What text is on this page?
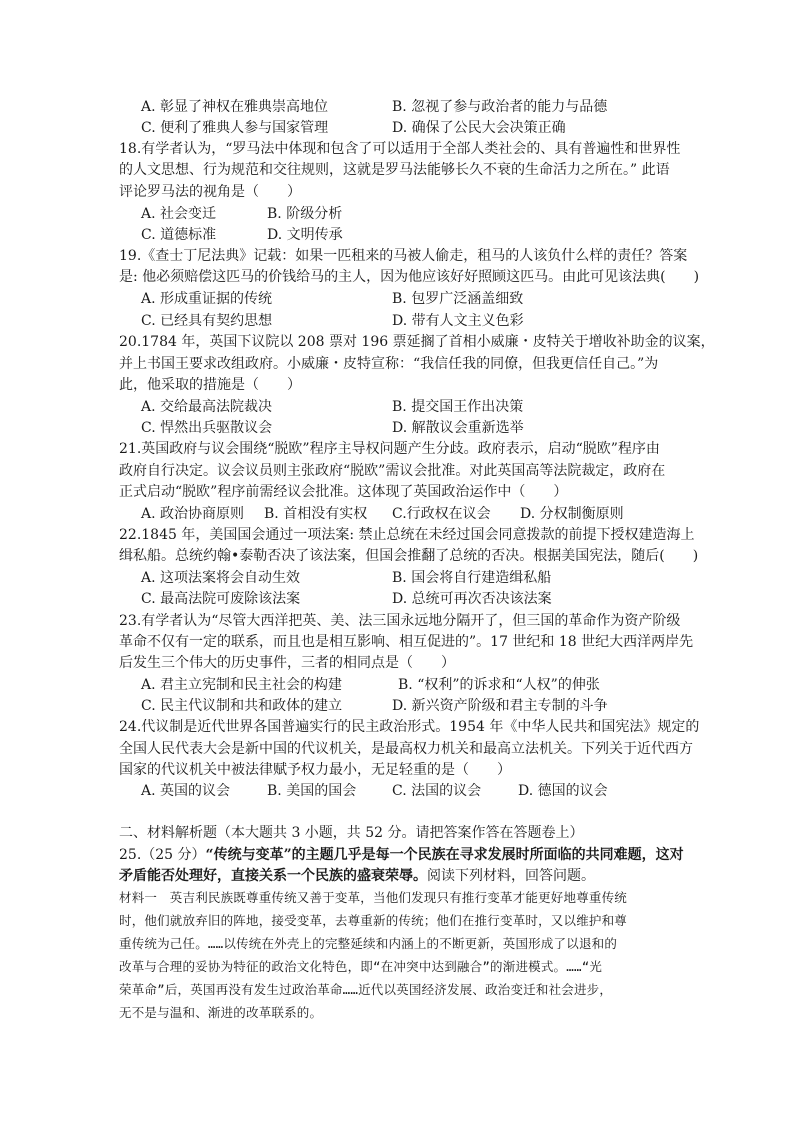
A. 彰显了神权在雅典崇高地位	B. 忽视了参与政治者的能力与品德
C. 便利了雅典人参与国家管理	D. 确保了公民大会决策正确
18.有学者认为，“罗马法中体现和包含了可以适用于全部人类社会的、具有普遍性和世界性
的人文思想、行为规范和交往规则，这就是罗马法能够长久不衰的生命活力之所在。” 此语
评论罗马法的视角是（　　）
A. 社会变迁	B. 阶级分析
C. 道德标准	D. 文明传承
19.《查士丁尼法典》记载：如果一匹租来的马被人偷走，租马的人该负什么样的责任？答案
是: 他必须赔偿这匹马的价钱给马的主人，因为他应该好好照顾这匹马。由此可见该法典(　　)
A. 形成重证据的传统	B. 包罗广泛涵盖细致
C. 已经具有契约思想	D. 带有人文主义色彩
20.1784 年，英国下议院以 208 票对 196 票延搁了首相小威廉・皮特关于增收补助金的议案，
并上书国王要求改组政府。小威廉・皮特宣称：“我信任我的同僚，但我更信任自己。”为
此，他采取的措施是（　　）
A. 交给最高法院裁决	B. 提交国王作出决策
C. 悍然出兵驱散议会	D. 解散议会重新选举
21.英国政府与议会围绕“脱欧”程序主导权问题产生分歧。政府表示，启动“脱欧”程序由
政府自行决定。议会议员则主张政府“脱欧”需议会批准。对此英国高等法院裁定，政府在
正式启动“脱欧”程序前需经议会批准。这体现了英国政治运作中（　　）
A. 政治协商原则 B. 首相没有实权 C.行政权在议会 D. 分权制衡原则
22.1845 年，美国国会通过一项法案: 禁止总统在未经过国会同意拨款的前提下授权建造海上
缉私船。总统约翰•泰勒否决了该法案，但国会推翻了总统的否决。根据美国宪法，随后(　　)
A. 这项法案将会自动生效	B. 国会将自行建造缉私船
C. 最高法院可废除该法案	D. 总统可再次否决该法案
23.有学者认为“尽管大西洋把英、美、法三国永远地分隔开了，但三国的革命作为资产阶级
革命不仅有一定的联系，而且也是相互影响、相互促进的”。17 世纪和 18 世纪大西洋两岸先
后发生三个伟大的历史事件，三者的相同点是（　　）
A. 君主立宪制和民主社会的构建	B. “权利”的诉求和“人权”的伸张
C. 民主代议制和共和政体的建立	D. 新兴资产阶级和君主专制的斗争
24.代议制是近代世界各国普遍实行的民主政治形式。1954 年《中华人民共和国宪法》规定的
全国人民代表大会是新中国的代议机关，是最高权力机关和最高立法机关。下列关于近代西方
国家的代议机关中被法律赋予权力最小，无足轻重的是（　　）
A. 英国的议会	B. 美国的国会	C. 法国的议会	D. 德国的议会
二、材料解析题（本大题共 3 小题，共 52 分。请把答案作答在答题卷上）
25.（25 分）“传统与变革”的主题几乎是每一个民族在寻求发展时所面临的共同难题，这对
矛盾能否处理好，直接关系一个民族的盛衰荣辱。阅读下列材料，回答问题。
材料一　英吉利民族既尊重传统又善于变革，当他们发现只有推行变革才能更好地尊重传统
时，他们就放弃旧的阵地，接受变革，去尊重新的传统；他们在推行变革时，又以维护和尊
重传统为己任。……以传统在外壳上的完整延续和内涵上的不断更新，英国形成了以退和的
改革与合理的妥协为特征的政治文化特色，即“在冲突中达到融合”的渐进模式。……“光
荣革命”后，英国再没有发生过政治革命……近代以英国经济发展、政治变迁和社会进步，
无不是与温和、渐进的改革联系的。
